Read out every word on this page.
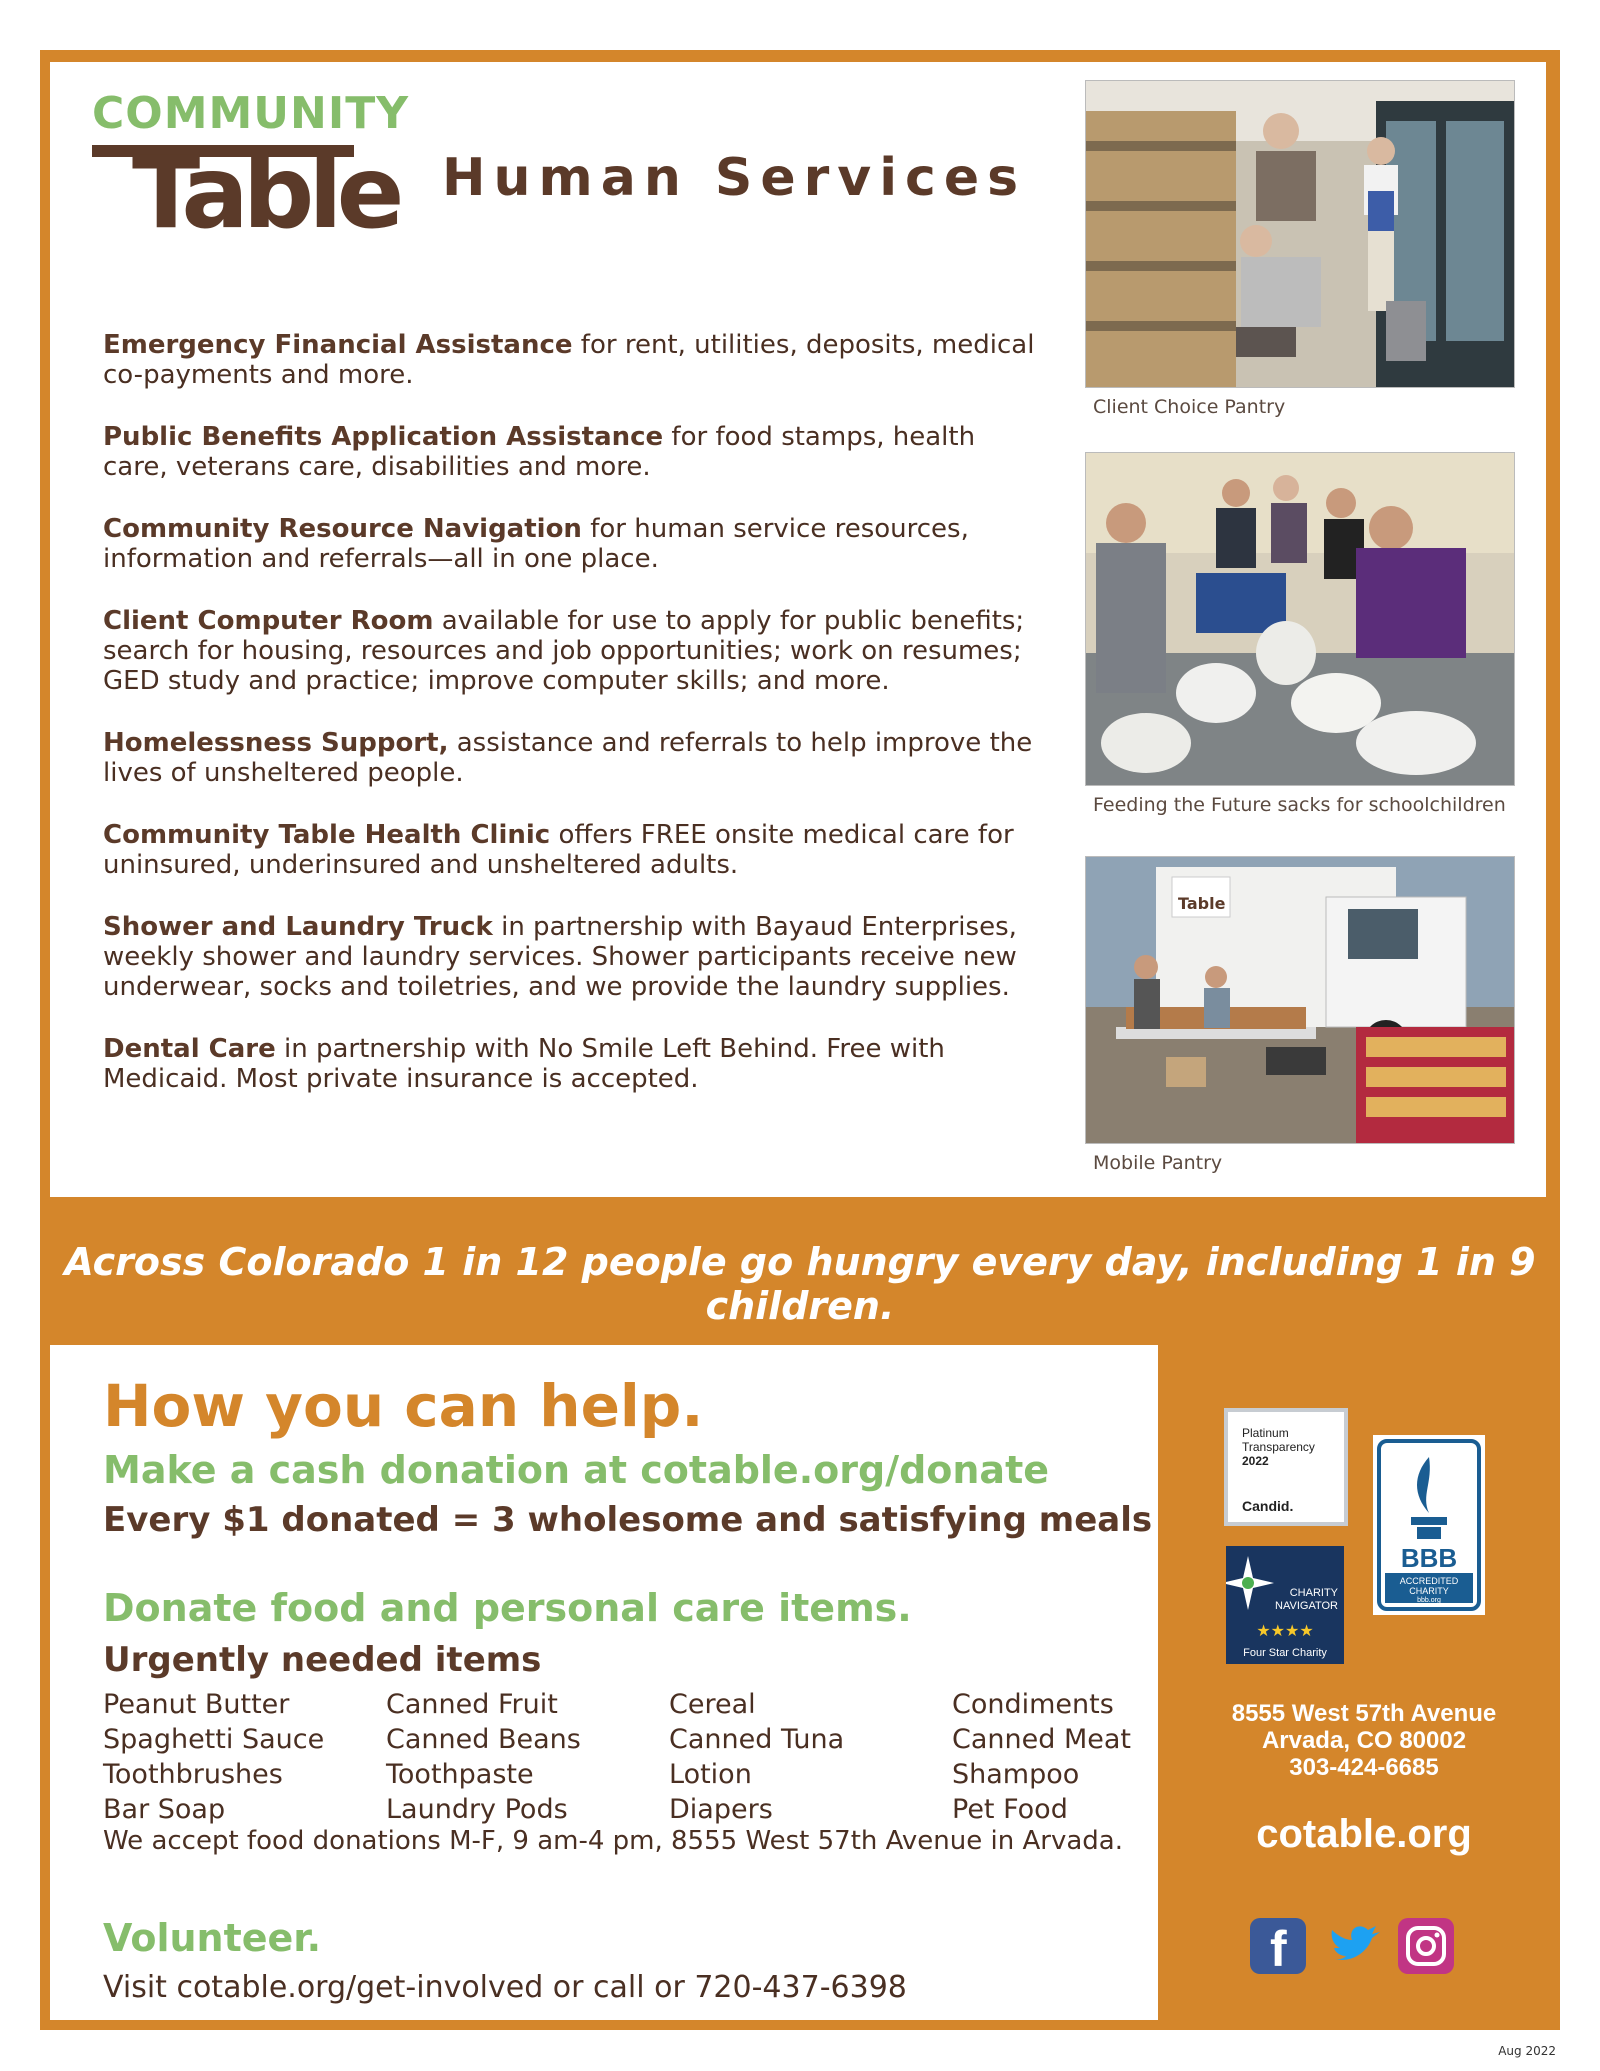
COMMUNITY
Table Human Services
Emergency Financial Assistance for rent, utilities, deposits, medical co-payments and more.
Public Benefits Application Assistance for food stamps, health care, veterans care, disabilities and more.
Community Resource Navigation for human service resources, information and referrals—all in one place.
Client Computer Room available for use to apply for public benefits; search for housing, resources and job opportunities; work on resumes; GED study and practice; improve computer skills; and more.
Homelessness Support, assistance and referrals to help improve the lives of unsheltered people.
Community Table Health Clinic offers FREE onsite medical care for uninsured, underinsured and unsheltered adults.
Shower and Laundry Truck in partnership with Bayaud Enterprises, weekly shower and laundry services. Shower participants receive new underwear, socks and toiletries, and we provide the laundry supplies.
Dental Care in partnership with No Smile Left Behind. Free with Medicaid. Most private insurance is accepted.
Client Choice Pantry
Feeding the Future sacks for schoolchildren
Table
Mobile Pantry
Across Colorado 1 in 12 people go hungry every day, including 1 in 9 children.
How you can help.
Make a cash donation at cotable.org/donate
Every $1 donated = 3 wholesome and satisfying meals
Donate food and personal care items.
Urgently needed items
Peanut Butter	Canned Fruit	Cereal	Condiments
Spaghetti Sauce	Canned Beans	Canned Tuna	Canned Meat
Toothbrushes	Toothpaste	Lotion	Shampoo
Bar Soap	Laundry Pods	Diapers	Pet Food
We accept food donations M-F, 9 am-4 pm, 8555 West 57th Avenue in Arvada.
Volunteer.
Visit cotable.org/get-involved or call or 720-437-6398
Platinum
Transparency
2022
Candid.
BBB
ACCREDITED
CHARITY
bbb.org
CHARITY
NAVIGATOR
★★★★
Four Star Charity
8555 West 57th Avenue
Arvada, CO 80002
303-424-6685
cotable.org
f
Aug 2022
